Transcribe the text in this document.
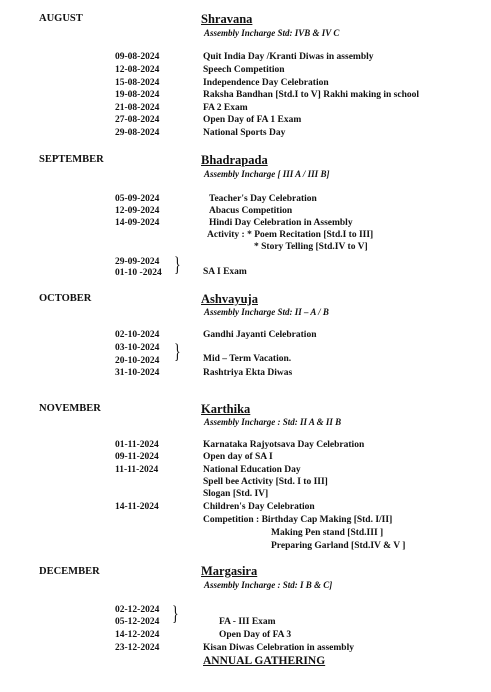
AUGUST	Shravana
Assembly Incharge Std: IVB & IV C
09-08-2024	Quit India Day /Kranti Diwas in assembly
12-08-2024	Speech Competition
15-08-2024	Independence Day Celebration
19-08-2024	Raksha Bandhan [Std.I to V] Rakhi making in school
21-08-2024	FA 2 Exam
27-08-2024	Open Day of FA 1 Exam
29-08-2024	National Sports Day
SEPTEMBER	Bhadrapada
Assembly Incharge [ III A / III B]
05-09-2024	Teacher's Day Celebration
12-09-2024	Abacus Competition
14-09-2024	Hindi Day Celebration in Assembly
Activity : * Poem Recitation [Std.I to III]
* Story Telling [Std.IV to V]
29-09-2024 }
01-10 -2024	SA I Exam
OCTOBER	Ashvayuja
Assembly Incharge Std: II – A / B
02-10-2024	Gandhi Jayanti Celebration
03-10-2024 }
20-10-2024	Mid – Term Vacation.
31-10-2024	Rashtriya Ekta Diwas
NOVEMBER	Karthika
Assembly Incharge : Std: II A & II B
01-11-2024	Karnataka Rajyotsava Day Celebration
09-11-2024	Open day of SA I
11-11-2024	National Education Day
Spell bee Activity [Std. I to III]
Slogan [Std. IV]
14-11-2024	Children's Day Celebration
Competition : Birthday Cap Making [Std. I/II]
Making Pen stand [Std.III ]
Preparing Garland [Std.IV & V ]
DECEMBER	Margasira
Assembly Incharge : Std: I B & C]
02-12-2024 }
05-12-2024	FA - III Exam
14-12-2024	Open Day of FA 3
23-12-2024	Kisan Diwas Celebration in assembly
ANNUAL GATHERING
